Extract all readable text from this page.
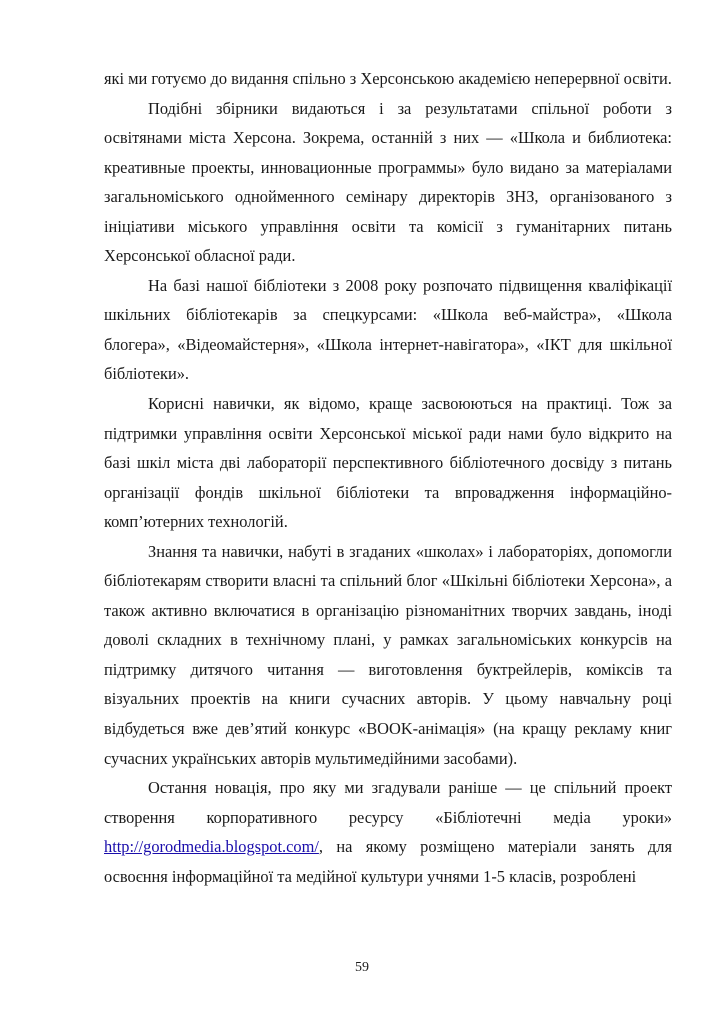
які ми готуємо до видання спільно з Херсонською академією неперервної освіти.

Подібні збірники видаються і за результатами спільної роботи з освітянами міста Херсона. Зокрема, останній з них — «Школа и библиотека: креативные проекты, инновационные программы» було видано за матеріалами загальноміського однойменного семінару директорів ЗНЗ, організованого з ініціативи міського управління освіти та комісії з гуманітарних питань Херсонської обласної ради.

На базі нашої бібліотеки з 2008 року розпочато підвищення кваліфікації шкільних бібліотекарів за спецкурсами: «Школа веб-майстра», «Школа блогера», «Відеомайстерня», «Школа інтернет-навігатора», «ІКТ для шкільної бібліотеки».

Корисні навички, як відомо, краще засвоюються на практиці. Тож за підтримки управління освіти Херсонської міської ради нами було відкрито на базі шкіл міста дві лабораторії перспективного бібліотечного досвіду з питань організації фондів шкільної бібліотеки та впровадження інформаційно-комп’ютерних технологій.

Знання та навички, набуті в згаданих «школах» і лабораторіях, допомогли бібліотекарям створити власні та спільний блог «Шкільні бібліотеки Херсона», а також активно включатися в організацію різноманітних творчих завдань, іноді доволі складних в технічному плані, у рамках загальноміських конкурсів на підтримку дитячого читання — виготовлення буктрейлерів, коміксів та візуальних проектів на книги сучасних авторів. У цьому навчальну році відбудеться вже дев’ятий конкурс «BOOK-анімація» (на кращу рекламу книг сучасних українських авторів мультимедійними засобами).

Остання новація, про яку ми згадували раніше — це спільний проект створення корпоративного ресурсу «Бібліотечні медіа уроки» http://gorodmedia.blogspot.com/, на якому розміщено матеріали занять для освоєння інформаційної та медійної культури учнями 1-5 класів, розроблені

59
